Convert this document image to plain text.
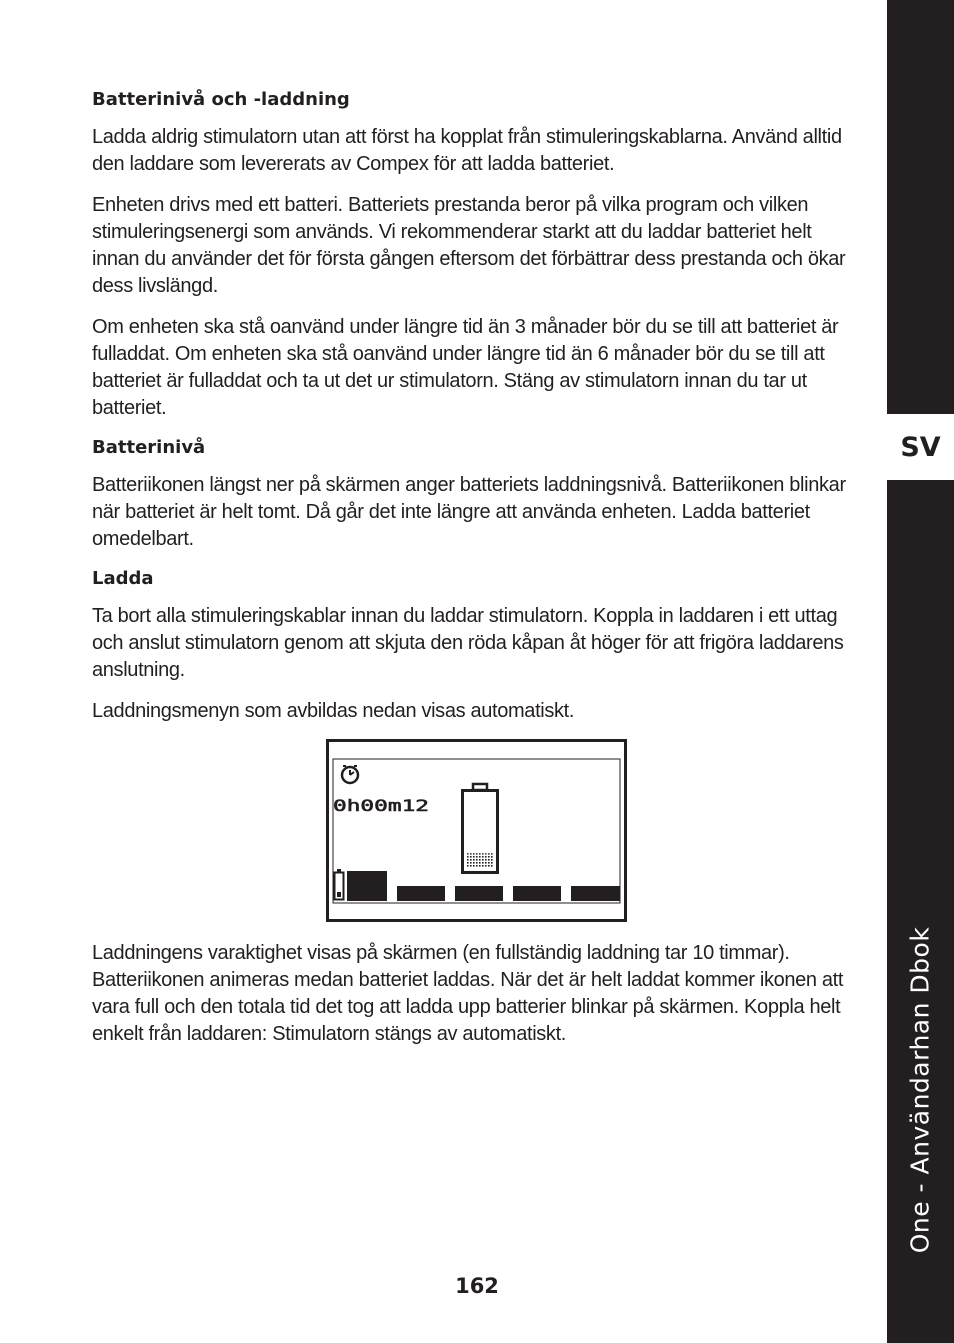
SV
One - Användarhan Dbok
Batterinivå och -laddning

Ladda aldrig stimulatorn utan att först ha kopplat från stimuleringskablarna. Använd alltid den laddare som levererats av Compex för att ladda batteriet.

Enheten drivs med ett batteri. Batteriets prestanda beror på vilka program och vilken stimuleringsenergi som används. Vi rekommenderar starkt att du laddar batteriet helt innan du använder det för första gången eftersom det förbättrar dess prestanda och ökar dess livslängd.

Om enheten ska stå oanvänd under längre tid än 3 månader bör du se till att batteriet är fulladdat. Om enheten ska stå oanvänd under längre tid än 6 månader bör du se till att batteriet är fulladdat och ta ut det ur stimulatorn. Stäng av stimulatorn innan du tar ut batteriet.

Batterinivå

Batteriikonen längst ner på skärmen anger batteriets laddningsnivå. Batteriikonen blinkar när batteriet är helt tomt. Då går det inte längre att använda enheten. Ladda batteriet omedelbart.

Ladda

Ta bort alla stimuleringskablar innan du laddar stimulatorn. Koppla in laddaren i ett uttag och anslut stimulatorn genom att skjuta den röda kåpan åt höger för att frigöra laddarens anslutning.

Laddningsmenyn som avbildas nedan visas automatiskt.

0h00m12

Laddningens varaktighet visas på skärmen (en fullständig laddning tar 10 timmar). Batteriikonen animeras medan batteriet laddas. När det är helt laddat kommer ikonen att vara full och den totala tid det tog att ladda upp batterier blinkar på skärmen. Koppla helt enkelt från laddaren: Stimulatorn stängs av automatiskt.

162
